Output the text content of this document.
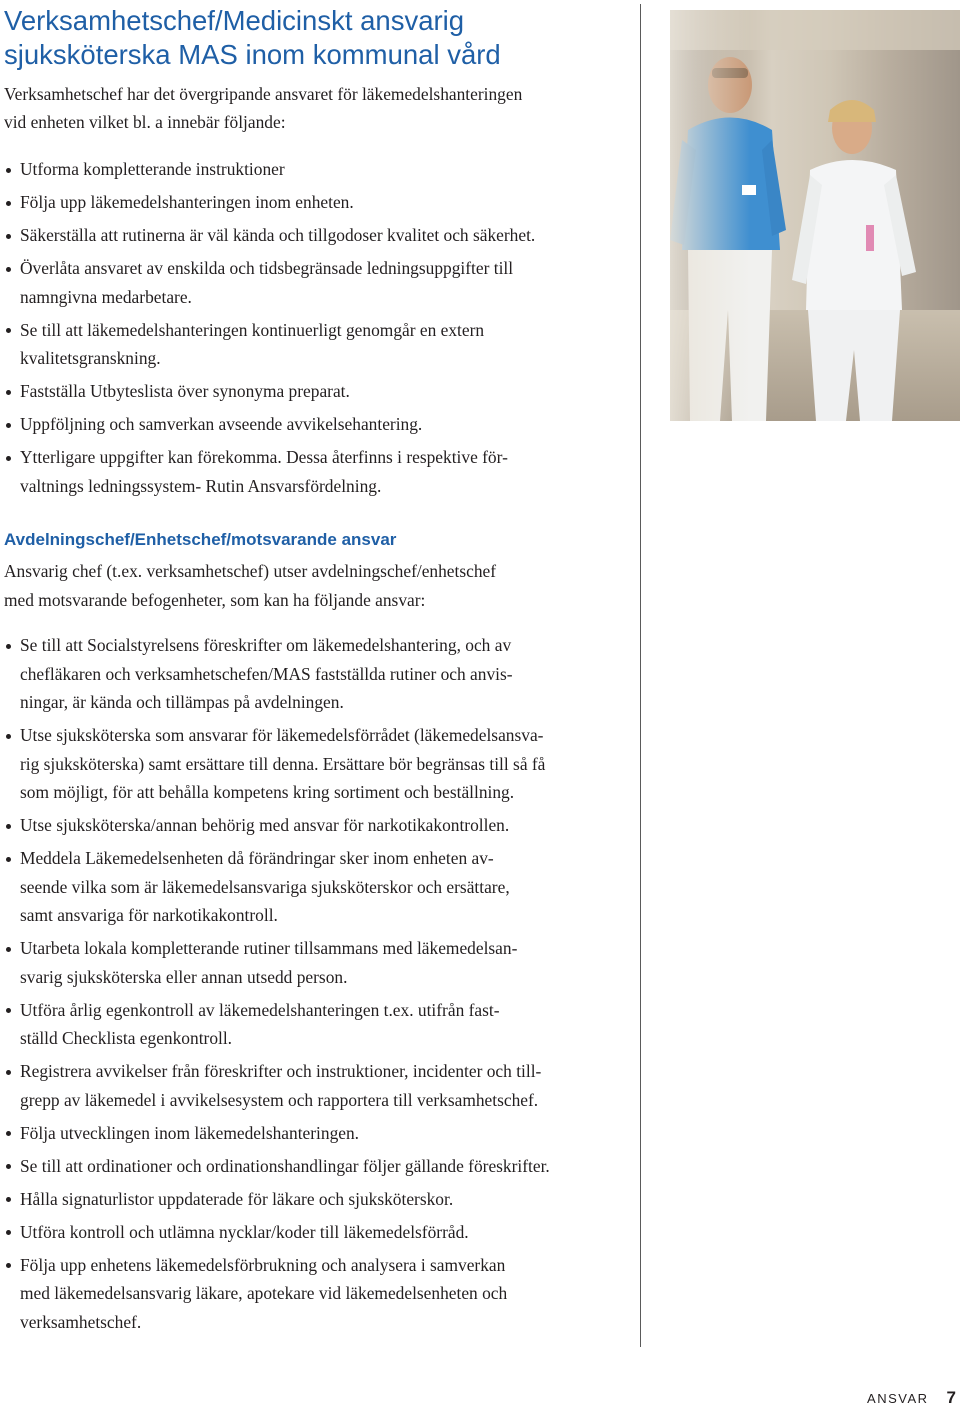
Verksamhetschef/Medicinskt ansvarig
sjuksköterska MAS inom kommunal vård

Verksamhetschef har det övergripande ansvaret för läkemedelshanteringen
vid enheten vilket bl. a innebär följande:

Utforma kompletterande instruktioner
Följa upp läkemedelshanteringen inom enheten.
Säkerställa att rutinerna är väl kända och tillgodoser kvalitet och säkerhet.
Överlåta ansvaret av enskilda och tidsbegränsade ledningsuppgifter till
namngivna medarbetare.
Se till att läkemedelshanteringen kontinuerligt genomgår en extern
kvalitetsgranskning.
Fastställa Utbyteslista över synonyma preparat.
Uppföljning och samverkan avseende avvikelsehantering.
Ytterligare uppgifter kan förekomma. Dessa återfinns i respektive för-
valtnings ledningssystem- Rutin Ansvarsfördelning.
Avdelningschef/Enhetschef/motsvarande ansvar

Ansvarig chef (t.ex. verksamhetschef) utser avdelningschef/enhetschef
med motsvarande befogenheter, som kan ha följande ansvar:

Se till att Socialstyrelsens föreskrifter om läkemedelshantering, och av
chefläkaren och verksamhetschefen/MAS fastställda rutiner och anvis-
ningar, är kända och tillämpas på avdelningen.
Utse sjuksköterska som ansvarar för läkemedelsförrådet (läkemedelsansva-
rig sjuksköterska) samt ersättare till denna. Ersättare bör begränsas till så få
som möjligt, för att behålla kompetens kring sortiment och beställning.
Utse sjuksköterska/annan behörig med ansvar för narkotikakontrollen.
Meddela Läkemedelsenheten då förändringar sker inom enheten av-
seende vilka som är läkemedelsansvariga sjuksköterskor och ersättare,
samt ansvariga för narkotikakontroll.
Utarbeta lokala kompletterande rutiner tillsammans med läkemedelsan-
svarig sjuksköterska eller annan utsedd person.
Utföra årlig egenkontroll av läkemedelshanteringen t.ex. utifrån fast-
ställd Checklista egenkontroll.
Registrera avvikelser från föreskrifter och instruktioner, incidenter och till-
grepp av läkemedel i avvikelsesystem och rapportera till verksamhetschef.
Följa utvecklingen inom läkemedelshanteringen.
Se till att ordinationer och ordinationshandlingar följer gällande föreskrifter.
Hålla signaturlistor uppdaterade för läkare och sjuksköterskor.
Utföra kontroll och utlämna nycklar/koder till läkemedelsförråd.
Följa upp enhetens läkemedelsförbrukning och analysera i samverkan
med läkemedelsansvarig läkare, apotekare vid läkemedelsenheten och
verksamhetschef.
ANSVAR 7
